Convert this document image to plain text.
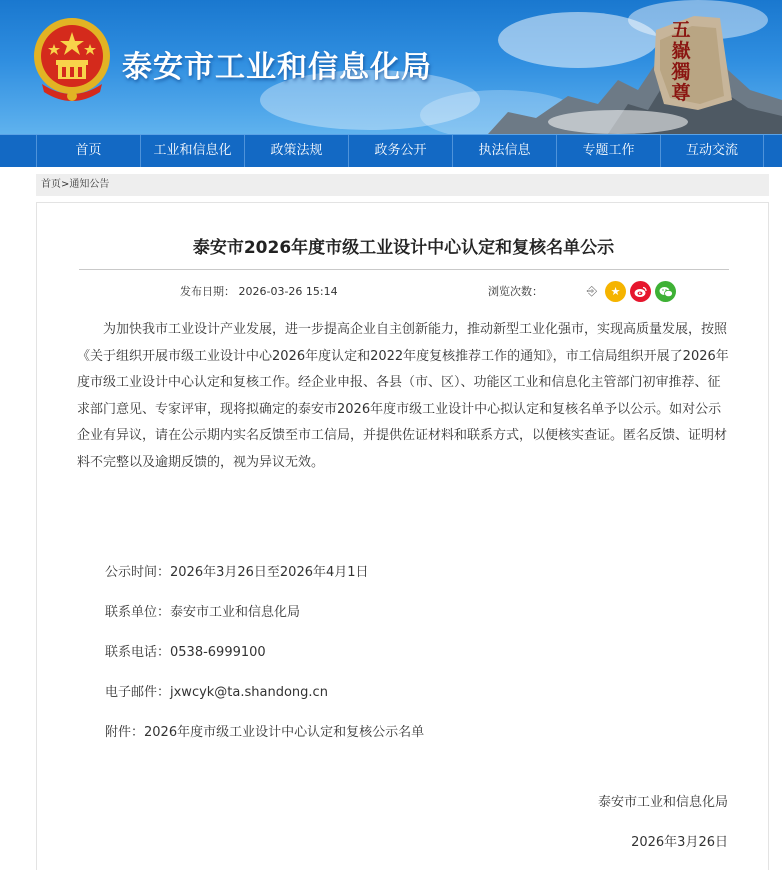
泰安市工业和信息化局
五嶽獨尊
首页	工业和信息化	政策法规	政务公开	执法信息	专题工作	互动交流
首页>通知公告
泰安市2026年度市级工业设计中心认定和复核名单公示
发布日期： 2026-03-26 15:14	浏览次数：	⎆	★

为加快我市工业设计产业发展，进一步提高企业自主创新能力，推动新型工业化强市，实现高质量发展，按照《关于组织开展市级工业设计中心2026年度认定和2022年度复核推荐工作的通知》，市工信局组织开展了2026年度市级工业设计中心认定和复核工作。经企业申报、各县（市、区）、功能区工业和信息化主管部门初审推荐、征求部门意见、专家评审，现将拟确定的泰安市2026年度市级工业设计中心拟认定和复核名单予以公示。如对公示企业有异议，请在公示期内实名反馈至市工信局，并提供佐证材料和联系方式，以便核实查证。匿名反馈、证明材料不完整以及逾期反馈的，视为异议无效。

公示时间：2026年3月26日至2026年4月1日
联系单位：泰安市工业和信息化局
联系电话：0538-6999100
电子邮件：jxwcyk@ta.shandong.cn
附件：2026年度市级工业设计中心认定和复核公示名单
泰安市工业和信息化局
2026年3月26日
